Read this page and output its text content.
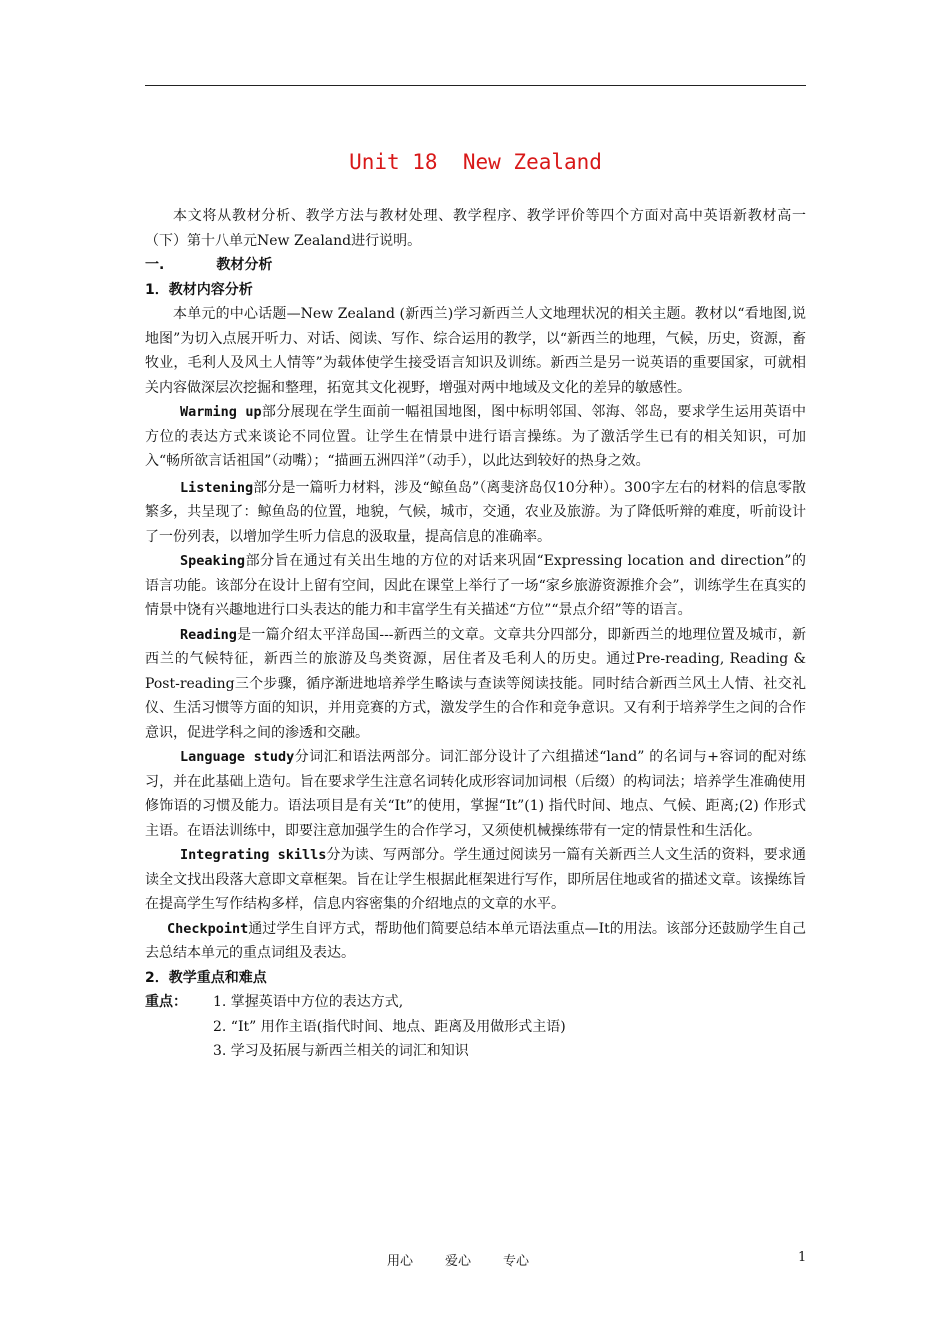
Unit 18  New Zealand

本文将从教材分析、教学方法与教材处理、教学程序、教学评价等四个方面对高中英语新教材高一（下）第十八单元New Zealand进行说明。

一.	教材分析

1．教材内容分析

本单元的中心话题—New Zealand (新西兰)学习新西兰人文地理状况的相关主题。教材以“看地图,说地图”为切入点展开听力、对话、阅读、写作、综合运用的教学，以“新西兰的地理，气候，历史，资源，畜牧业，毛利人及风土人情等”为载体使学生接受语言知识及训练。新西兰是另一说英语的重要国家，可就相关内容做深层次挖掘和整理，拓宽其文化视野，增强对两中地域及文化的差异的敏感性。

Warming up部分展现在学生面前一幅祖国地图，图中标明邻国、邻海、邻岛，要求学生运用英语中方位的表达方式来谈论不同位置。让学生在情景中进行语言操练。为了激活学生已有的相关知识，可加入“畅所欲言话祖国”（动嘴）；“描画五洲四洋”（动手），以此达到较好的热身之效。

Listening部分是一篇听力材料，涉及“鲸鱼岛”（离斐济岛仅10分种）。300字左右的材料的信息零散繁多，共呈现了：鲸鱼岛的位置，地貌，气候，城市，交通，农业及旅游。为了降低听辩的难度，听前设计了一份列表，以增加学生听力信息的汲取量，提高信息的准确率。

Speaking部分旨在通过有关出生地的方位的对话来巩固“Expressing location and direction”的语言功能。该部分在设计上留有空间，因此在课堂上举行了一场“家乡旅游资源推介会”，训练学生在真实的情景中饶有兴趣地进行口头表达的能力和丰富学生有关描述“方位”“景点介绍”等的语言。

Reading是一篇介绍太平洋岛国---新西兰的文章。文章共分四部分，即新西兰的地理位置及城市，新西兰的气候特征，新西兰的旅游及鸟类资源，居住者及毛利人的历史。通过Pre-reading, Reading & Post-reading三个步骤，循序渐进地培养学生略读与查读等阅读技能。同时结合新西兰风土人情、社交礼仪、生活习惯等方面的知识，并用竞赛的方式，激发学生的合作和竞争意识。又有利于培养学生之间的合作意识，促进学科之间的渗透和交融。

Language study分词汇和语法两部分。词汇部分设计了六组描述“land” 的名词与+容词的配对练习，并在此基础上造句。旨在要求学生注意名词转化成形容词加词根（后缀）的构词法；培养学生准确使用修饰语的习惯及能力。语法项目是有关“It”的使用，掌握“It”(1) 指代时间、地点、气候、距离;(2) 作形式主语。在语法训练中，即要注意加强学生的合作学习，又须使机械操练带有一定的情景性和生活化。

Integrating skills分为读、写两部分。学生通过阅读另一篇有关新西兰人文生活的资料，要求通读全文找出段落大意即文章框架。旨在让学生根据此框架进行写作，即所居住地或省的描述文章。该操练旨在提高学生写作结构多样，信息内容密集的介绍地点的文章的水平。

Checkpoint通过学生自评方式，帮助他们简要总结本单元语法重点—It的用法。该部分还鼓励学生自己去总结本单元的重点词组及表达。

2．教学重点和难点

重点：	1. 掌握英语中方位的表达方式,
2. “It” 用作主语(指代时间、地点、距离及用做形式主语)
3. 学习及拓展与新西兰相关的词汇和知识
用心 爱心 专心	1
